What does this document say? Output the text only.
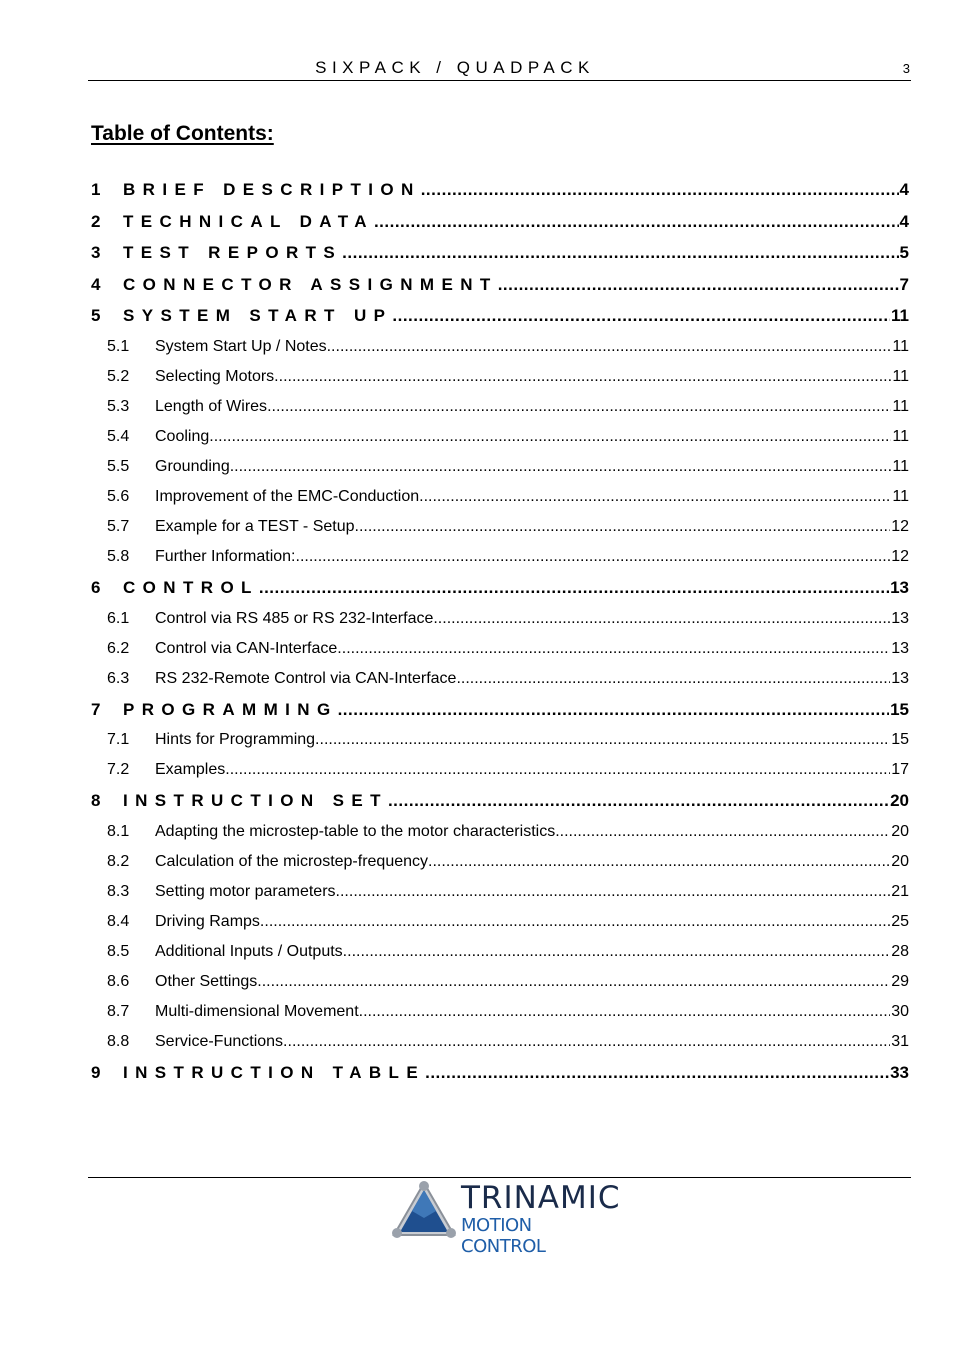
SIXPACK / QUADPACK	3
Table of Contents:
1	BRIEF DESCRIPTION .....	4
2	TECHNICAL DATA .....	4
3	TEST REPORTS .....	5
4	CONNECTOR ASSIGNMENT .....	7
5	SYSTEM START UP .....	11
5.1	System Start Up / Notes .....	11
5.2	Selecting Motors .....	11
5.3	Length of Wires .....	11
5.4	Cooling .....	11
5.5	Grounding .....	11
5.6	Improvement of the EMC-Conduction .....	11
5.7	Example for a TEST - Setup .....	12
5.8	Further Information: .....	12
6	CONTROL .....	13
6.1	Control via RS 485 or RS 232-Interface .....	13
6.2	Control via CAN-Interface .....	13
6.3	RS 232-Remote Control via CAN-Interface .....	13
7	PROGRAMMING .....	15
7.1	Hints for Programming .....	15
7.2	Examples .....	17
8	INSTRUCTION SET .....	20
8.1	Adapting the microstep-table to the motor characteristics .....	20
8.2	Calculation of the microstep-frequency .....	20
8.3	Setting motor parameters .....	21
8.4	Driving Ramps .....	25
8.5	Additional Inputs / Outputs .....	28
8.6	Other Settings .....	29
8.7	Multi-dimensional Movement .....	30
8.8	Service-Functions .....	31
9	INSTRUCTION TABLE .....	33
TRINAMIC
MOTION CONTROL
